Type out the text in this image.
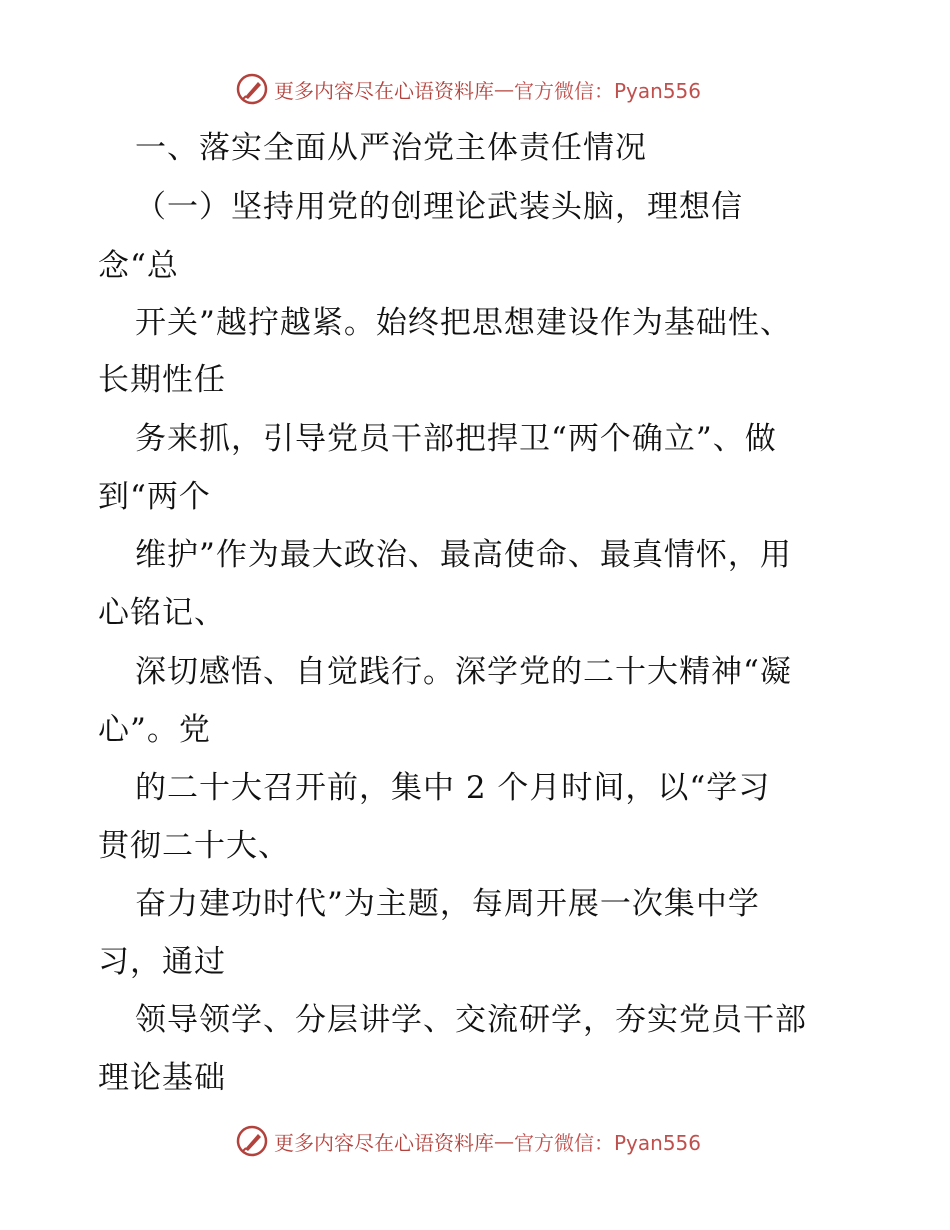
更多内容尽在心语资料库 — 官方微信：Pyan556
一、落实全面从严治党主体责任情况
（一）坚持用党的创理论武装头脑，理想信
念“总
开关”越拧越紧。始终把思想建设作为基础性、
长期性任
务来抓，引导党员干部把捍卫“两个确立”、做
到“两个
维护”作为最大政治、最高使命、最真情怀，用
心铭记、
深切感悟、自觉践行。深学党的二十大精神“凝
心”。党
的二十大召开前，集中 2 个月时间，以“学习
贯彻二十大、
奋力建功时代”为主题，每周开展一次集中学
习，通过
领导领学、分层讲学、交流研学，夯实党员干部
理论基础
更多内容尽在心语资料库 — 官方微信：Pyan556
